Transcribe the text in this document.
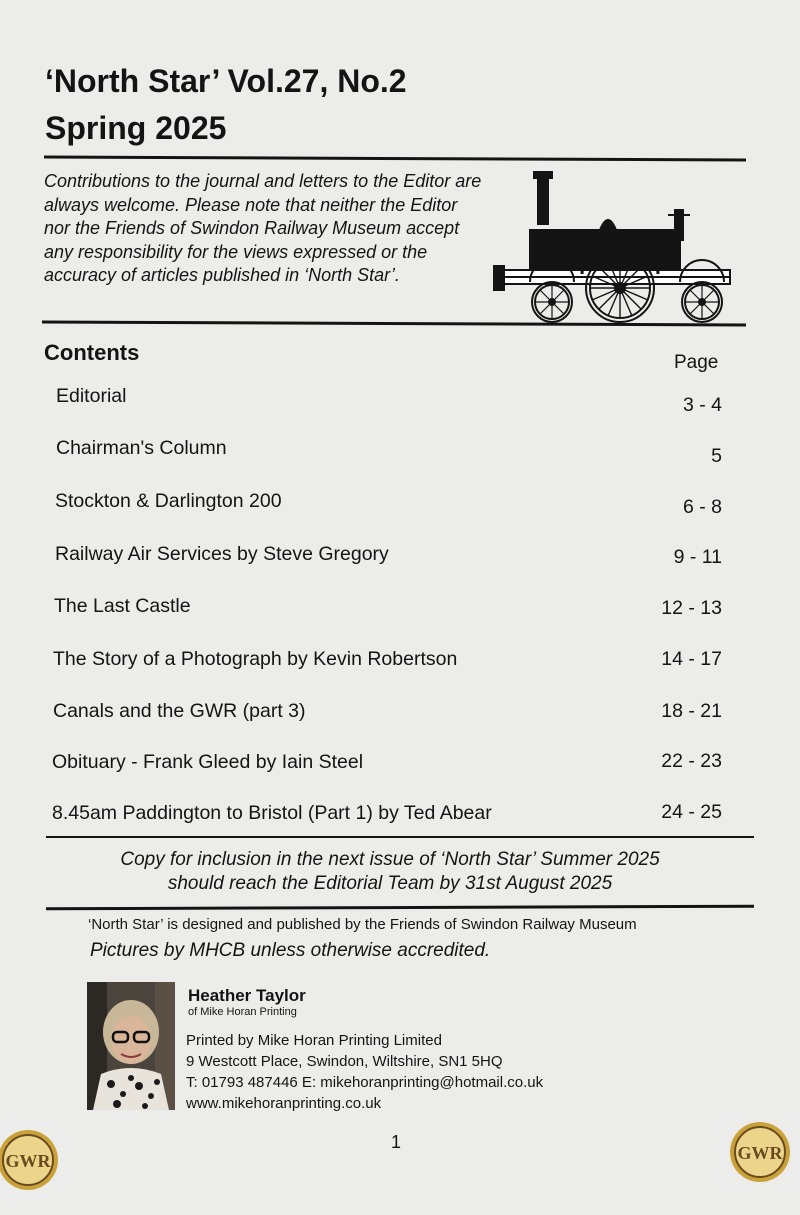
‘North Star’ Vol.27, No.2
Spring 2025
Contributions to the journal and letters to the Editor are always welcome. Please note that neither the Editor nor the Friends of Swindon Railway Museum accept any responsibility for the views expressed or the accuracy of articles published in ‘North Star’.
Contents	Page
Editorial	3 - 4
Chairman's Column	5
Stockton & Darlington 200	6 - 8
Railway Air Services by Steve Gregory	9 - 11
The Last Castle	12 - 13
The Story of a Photograph by Kevin Robertson	14 - 17
Canals and the GWR (part 3)	18 - 21
Obituary - Frank Gleed by Iain Steel	22 - 23
8.45am Paddington to Bristol (Part 1) by Ted Abear	24 - 25
Copy for inclusion in the next issue of ‘North Star’ Summer 2025
should reach the Editorial Team by 31st August 2025
‘North Star’ is designed and published by the Friends of Swindon Railway Museum
Pictures by MHCB unless otherwise accredited.
Heather Taylor
of Mike Horan Printing
Printed by Mike Horan Printing Limited
9 Westcott Place, Swindon, Wiltshire, SN1 5HQ
T: 01793 487446 E: mikehoranprinting@hotmail.co.uk
www.mikehoranprinting.co.uk
1
GWR	GWR
